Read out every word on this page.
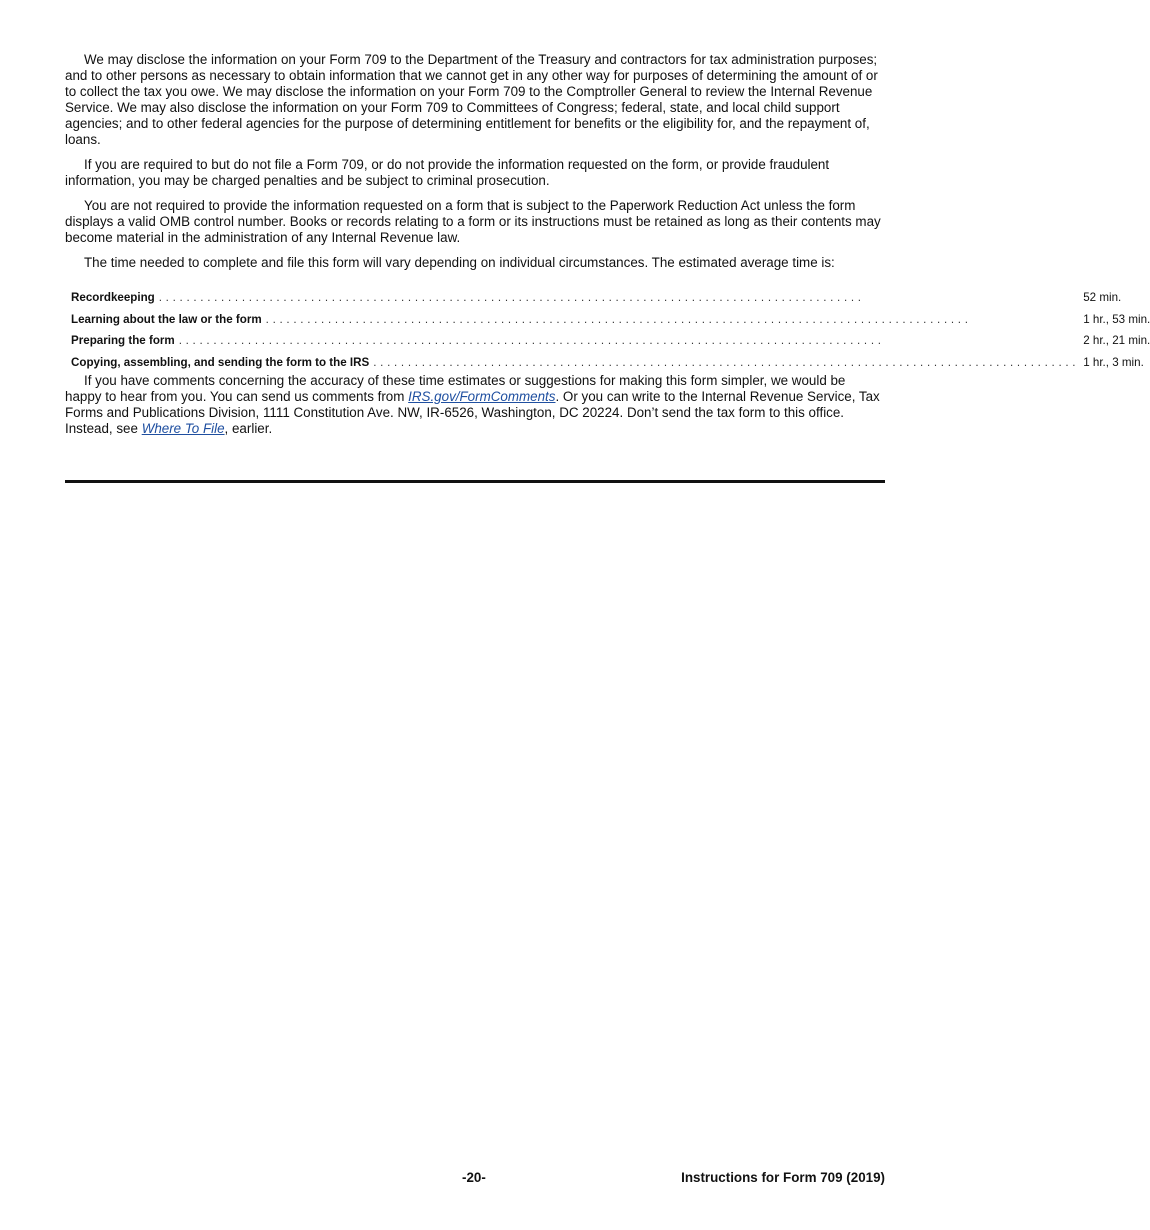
We may disclose the information on your Form 709 to the Department of the Treasury and contractors for tax administration purposes; and to other persons as necessary to obtain information that we cannot get in any other way for purposes of determining the amount of or to collect the tax you owe. We may disclose the information on your Form 709 to the Comptroller General to review the Internal Revenue Service. We may also disclose the information on your Form 709 to Committees of Congress; federal, state, and local child support agencies; and to other federal agencies for the purpose of determining entitlement for benefits or the eligibility for, and the repayment of, loans.

If you are required to but do not file a Form 709, or do not provide the information requested on the form, or provide fraudulent information, you may be charged penalties and be subject to criminal prosecution.

You are not required to provide the information requested on a form that is subject to the Paperwork Reduction Act unless the form displays a valid OMB control number. Books or records relating to a form or its instructions must be retained as long as their contents may become material in the administration of any Internal Revenue law.

The time needed to complete and file this form will vary depending on individual circumstances. The estimated average time is:

Recordkeeping ......................................................................................................	52 min.
Learning about the law or the form ......................................................................................................	1 hr., 53 min.
Preparing the form ......................................................................................................	2 hr., 21 min.
Copying, assembling, and sending the form to the IRS ......................................................................................................	1 hr., 3 min.

If you have comments concerning the accuracy of these time estimates or suggestions for making this form simpler, we would be happy to hear from you. You can send us comments from IRS.gov/FormComments. Or you can write to the Internal Revenue Service, Tax Forms and Publications Division, 1111 Constitution Ave. NW, IR-6526, Washington, DC 20224. Don’t send the tax form to this office. Instead, see Where To File, earlier.

-20-	Instructions for Form 709 (2019)
